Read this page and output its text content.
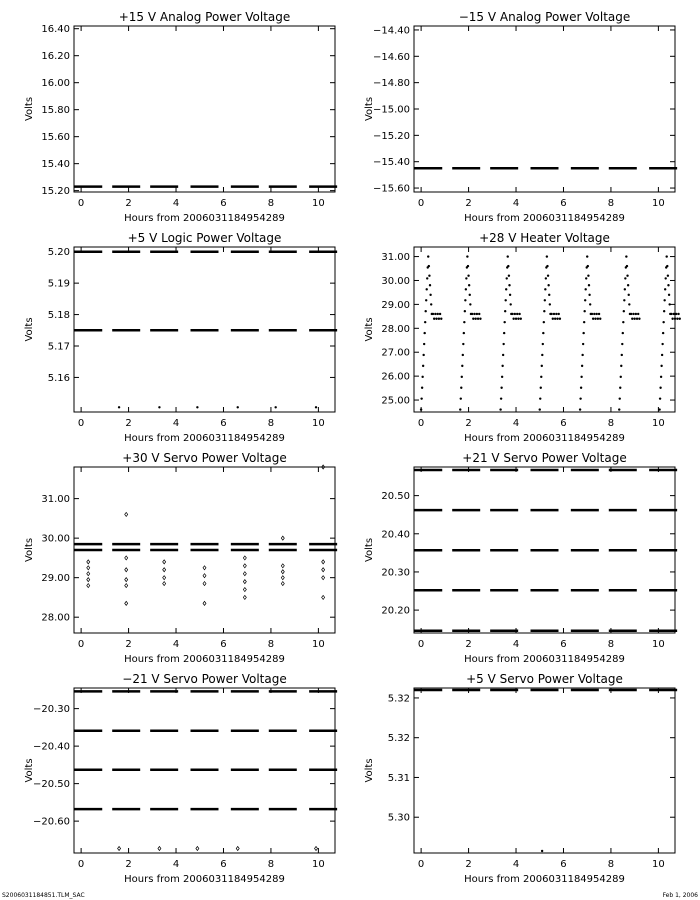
+15 V Analog Power Voltage
Volts
Hours from 2006031184954289
0	2	4	6	8	10
15.20
15.40
15.60
15.80
16.00
16.20
16.40
−15 V Analog Power Voltage
Volts
Hours from 2006031184954289
0	2	4	6	8	10
−15.60
−15.40
−15.20
−15.00
−14.80
−14.60
−14.40
+5 V Logic Power Voltage
Volts
Hours from 2006031184954289
0	2	4	6	8	10
5.16
5.17
5.18
5.19
5.20
+28 V Heater Voltage
Volts
Hours from 2006031184954289
0	2	4	6	8	10
25.00
26.00
27.00
28.00
29.00
30.00
31.00
+30 V Servo Power Voltage
Volts
Hours from 2006031184954289
0	2	4	6	8	10
28.00
29.00
30.00
31.00
+21 V Servo Power Voltage
Volts
Hours from 2006031184954289
0	2	4	6	8	10
20.20
20.30
20.40
20.50
−21 V Servo Power Voltage
Volts
Hours from 2006031184954289
0	2	4	6	8	10
−20.60
−20.50
−20.40
−20.30
+5 V Servo Power Voltage
Volts
Hours from 2006031184954289
0	2	4	6	8	10
5.30
5.31
5.32
5.32
S2006031184851.TLM_SAC	Feb 1, 2006
